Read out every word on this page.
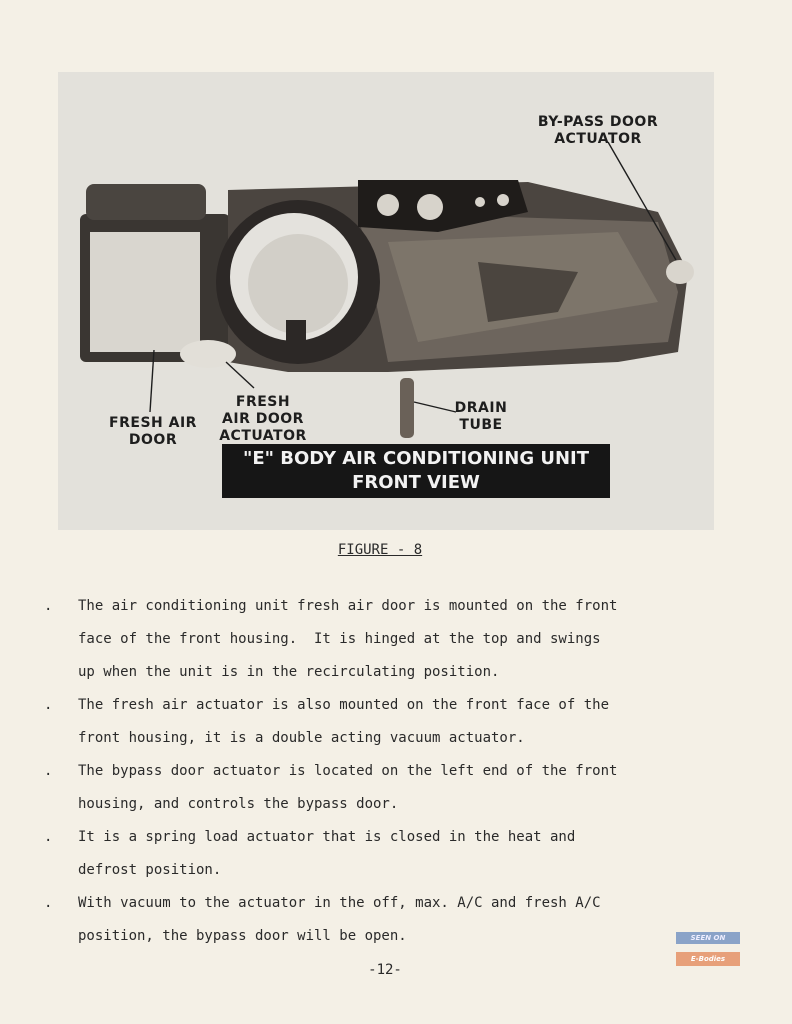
BY-PASS DOOR
ACTUATOR
FRESH AIR
DOOR
FRESH
AIR DOOR
ACTUATOR
DRAIN
TUBE
"E" BODY AIR CONDITIONING UNIT
FRONT VIEW
FIGURE - 8
. The air conditioning unit fresh air door is mounted on the front
face of the front housing.  It is hinged at the top and swings
up when the unit is in the recirculating position.
. The fresh air actuator is also mounted on the front face of the
front housing, it is a double acting vacuum actuator.
. The bypass door actuator is located on the left end of the front
housing, and controls the bypass door.
. It is a spring load actuator that is closed in the heat and
defrost position.
. With vacuum to the actuator in the off, max. A/C and fresh A/C
position, the bypass door will be open.	SEEN ON
E-Bodies
-12-
